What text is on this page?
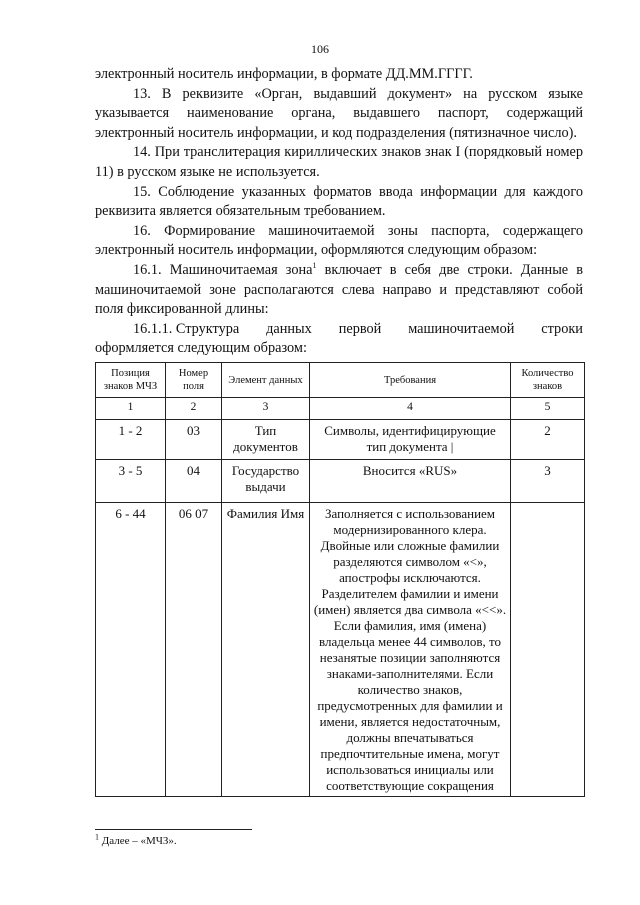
106

электронный носитель информации, в формате ДД.ММ.ГГГГ.

13. В реквизите «Орган, выдавший документ» на русском языке указывается наименование органа, выдавшего паспорт, содержащий электронный носитель информации, и код подразделения (пятизначное число).

14. При транслитерация кириллических знаков знак I (порядковый номер 11) в русском языке не используется.

15. Соблюдение указанных форматов ввода информации для каждого реквизита является обязательным требованием.

16. Формирование машиночитаемой зоны паспорта, содержащего электронный носитель информации, оформляются следующим образом:

16.1. Машиночитаемая зона$^1$ включает в себя две строки. Данные в машиночитаемой зоне располагаются слева направо и представляют собой поля фиксированной длины:

16.1.1. Структура данных первой машиночитаемой строки

оформляется следующим образом:

Позиция знаков МЧЗ	Номер поля	Элемент данных	Требования	Количество знаков
1	2	3	4	5
1 - 2	03	Тип документов	Символы, идентифицирующие тип документа |	2
3 - 5	04	Государство выдачи	Вносится «RUS»	3
6 - 44	06 07	Фамилия Имя	Заполняется с использованием модернизированного клера. Двойные или сложные фамилии разделяются символом «<», апострофы исключаются. Разделителем фамилии и имени (имен) является два символа «<<». Если фамилия, имя (имена) владельца менее 44 символов, то незанятые позиции заполняются знаками-заполнителями. Если количество знаков, предусмотренных для фамилии и имени, является недостаточным, должны впечатываться предпочтительные имена, могут использоваться инициалы или соответствующие сокращения	
$^1$ Далее – «МЧЗ».
